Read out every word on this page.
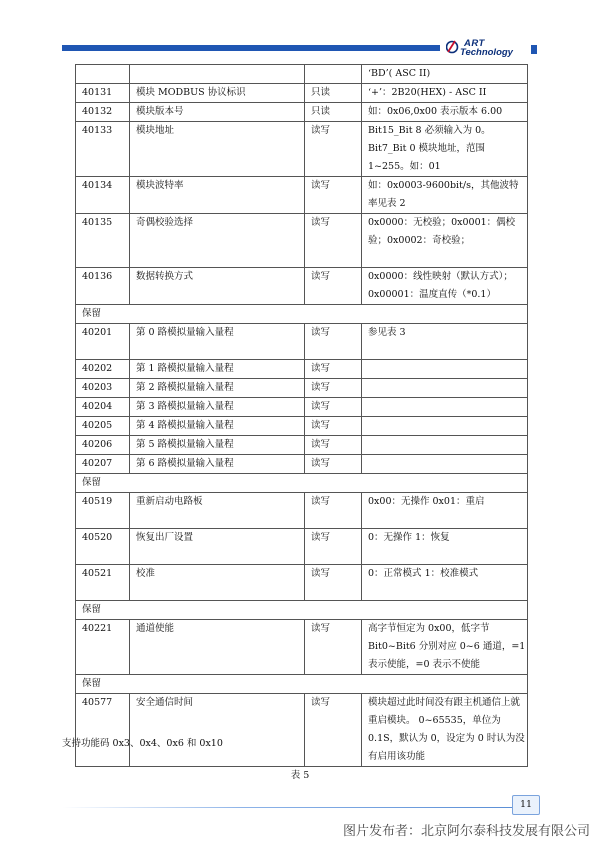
ART
Technology
			‘BD’( ASC II)
40131	模块 MODBUS 协议标识	只读	‘+’：2B20(HEX) - ASC II
40132	模块版本号	只读	如：0x06,0x00 表示版本 6.00
40133	模块地址	读写	Bit15_Bit 8 必须输入为 0。Bit7_Bit 0 模块地址，范围 1~255。如：01
40134	模块波特率	读写	如：0x0003-9600bit/s，其他波特率见表 2
40135	奇偶校验选择	读写	0x0000：无校验；0x0001：偶校验；0x0002：奇校验；
40136	数据转换方式	读写	0x0000：线性映射（默认方式）；0x00001：温度直传（*0.1）
保留			
40201	第 0 路模拟量输入量程	读写	参见表 3
40202	第 1 路模拟量输入量程	读写	
40203	第 2 路模拟量输入量程	读写	
40204	第 3 路模拟量输入量程	读写	
40205	第 4 路模拟量输入量程	读写	
40206	第 5 路模拟量输入量程	读写	
40207	第 6 路模拟量输入量程	读写	
保留			
40519	重新启动电路板	读写	0x00：无操作 0x01：重启
40520	恢复出厂设置	读写	0：无操作 1：恢复
40521	校准	读写	0：正常模式 1：校准模式
保留			
40221	通道使能	读写	高字节恒定为 0x00，低字节 Bit0~Bit6 分别对应 0~6 通道，=1 表示使能，=0 表示不使能
保留			
40577	安全通信时间	读写	模块超过此时间没有跟主机通信上就重启模块。 0~65535，单位为 0.1S，默认为 0，设定为 0 时认为没有启用该功能
支持功能码 0x3、0x4、0x6 和 0x10
表 5
11
图片发布者：北京阿尔泰科技发展有限公司
